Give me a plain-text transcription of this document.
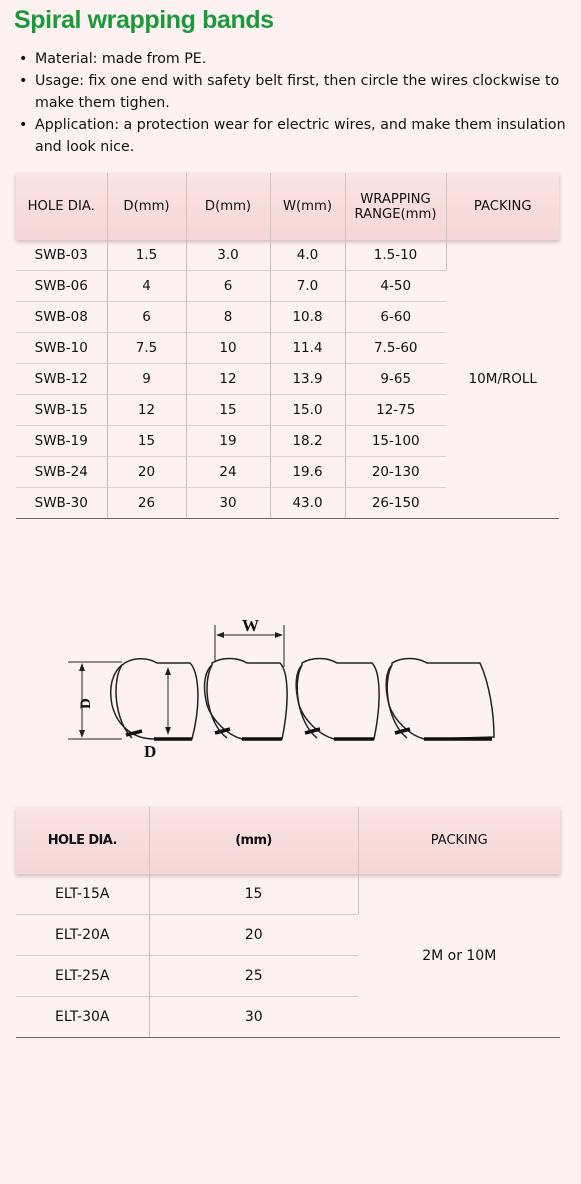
Spiral wrapping bands
• Material: made from PE.
• Usage: fix one end with safety belt first, then circle the wires clockwise to make them tighen.
• Application: a protection wear for electric wires, and make them insulation and look nice.
HOLE DIA.	D(mm)	D(mm)	W(mm)	WRAPPING RANGE(mm)	PACKING
SWB-03	1.5	3.0	4.0	1.5-10	10M/ROLL
SWB-06	4	6	7.0	4-50	
SWB-08	6	8	10.8	6-60	
SWB-10	7.5	10	11.4	7.5-60	
SWB-12	9	12	13.9	9-65	
SWB-15	12	15	15.0	12-75	
SWB-19	15	19	18.2	15-100	
SWB-24	20	24	19.6	20-130	
SWB-30	26	30	43.0	26-150	
W
D
D
HOLE DIA.	(mm)	PACKING
ELT-15A	15	2M or 10M
ELT-20A	20	
ELT-25A	25	
ELT-30A	30	
